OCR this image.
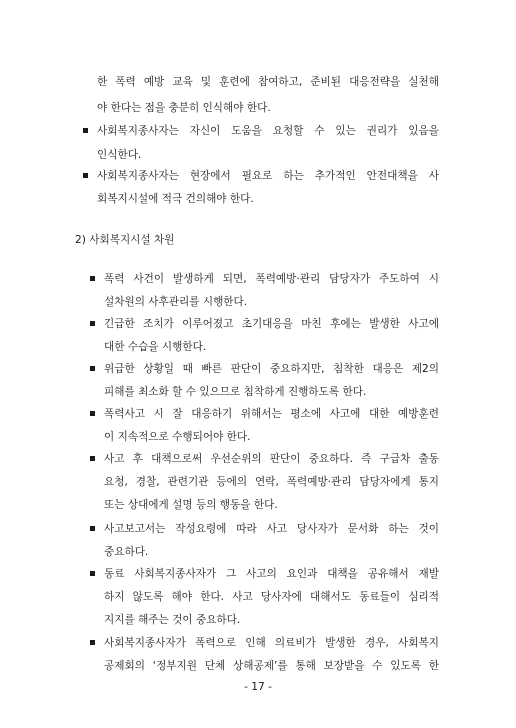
한 폭력 예방 교육 및 훈련에 참여하고, 준비된 대응전략을 실천해
야 한다는 점을 충분히 인식해야 한다.
사회복지종사자는 자신이 도움을 요청할 수 있는 권리가 있음을
인식한다.
사회복지종사자는 현장에서 필요로 하는 추가적인 안전대책을 사
회복지시설에 적극 건의해야 한다.
2) 사회복지시설 차원
폭력 사건이 발생하게 되면, 폭력예방·관리 담당자가 주도하여 시
설차원의 사후관리를 시행한다.
긴급한 조치가 이루어졌고 초기대응을 마친 후에는 발생한 사고에
대한 수습을 시행한다.
위급한 상황일 때 빠른 판단이 중요하지만, 침착한 대응은 제2의
피해를 최소화 할 수 있으므로 침착하게 진행하도록 한다.
폭력사고 시 잘 대응하기 위해서는 평소에 사고에 대한 예방훈련
이 지속적으로 수행되어야 한다.
사고 후 대책으로써 우선순위의 판단이 중요하다. 즉 구급차 출동
요청, 경찰, 관련기관 등에의 연락, 폭력예방·관리 담당자에게 통지
또는 상대에게 설명 등의 행동을 한다.
사고보고서는 작성요령에 따라 사고 당사자가 문서화 하는 것이
중요하다.
동료 사회복지종사자가 그 사고의 요인과 대책을 공유해서 재발
하지 않도록 해야 한다. 사고 당사자에 대해서도 동료들이 심리적
지지를 해주는 것이 중요하다.
사회복지종사자가 폭력으로 인해 의료비가 발생한 경우, 사회복지
공제회의 ‘정부지원 단체 상해공제’를 통해 보장받을 수 있도록 한
- 17 -
